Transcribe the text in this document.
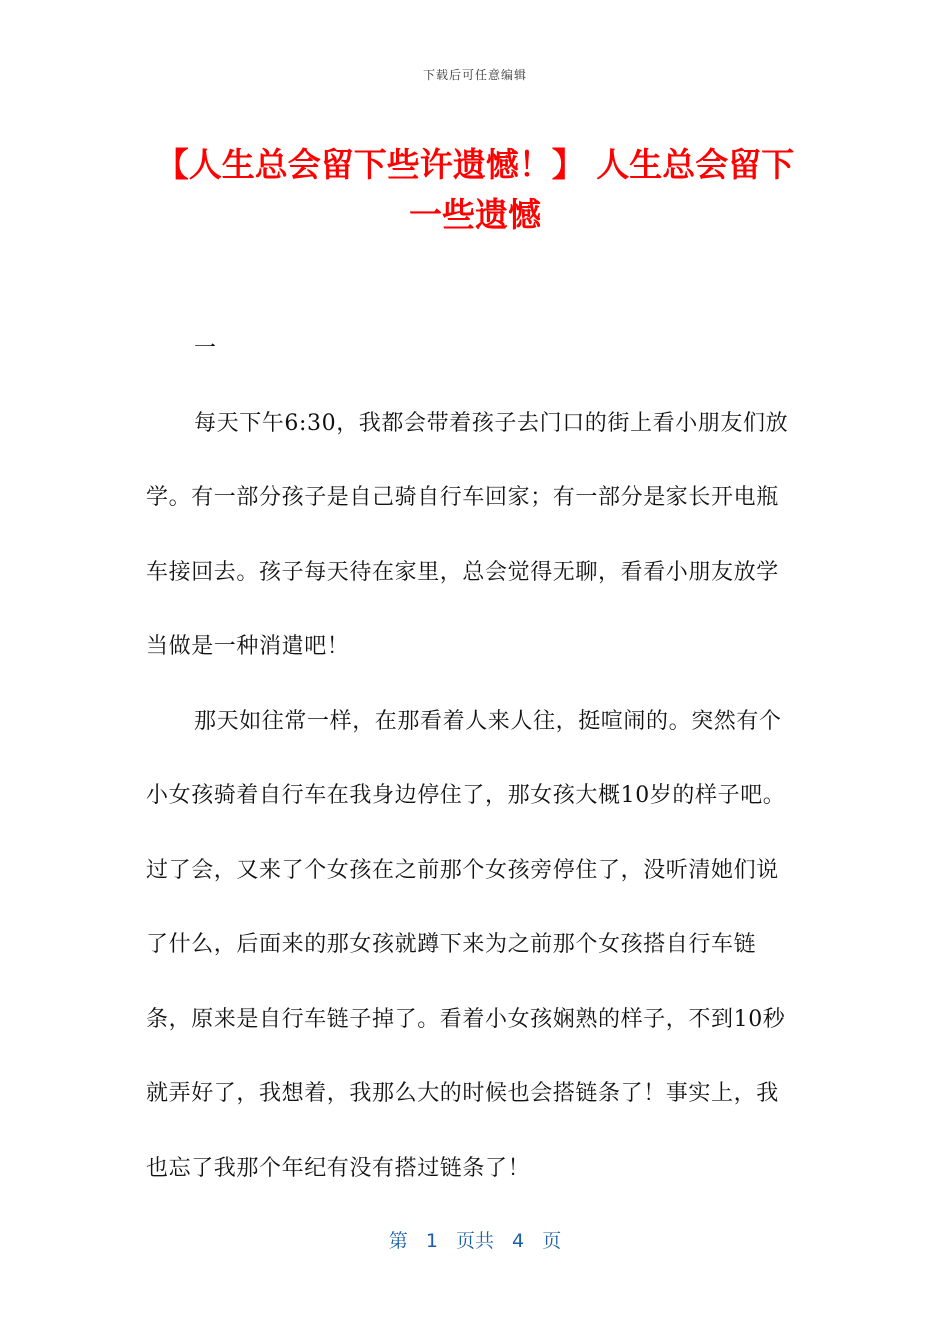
下载后可任意编辑
【人生总会留下些许遗憾！】 人生总会留下一些遗憾

一

每天下午6:30，我都会带着孩子去门口的街上看小朋友们放学。有一部分孩子是自己骑自行车回家；有一部分是家长开电瓶车接回去。孩子每天待在家里，总会觉得无聊，看看小朋友放学当做是一种消遣吧！

那天如往常一样，在那看着人来人往，挺喧闹的。突然有个小女孩骑着自行车在我身边停住了，那女孩大概10岁的样子吧。过了会，又来了个女孩在之前那个女孩旁停住了，没听清她们说了什么，后面来的那女孩就蹲下来为之前那个女孩搭自行车链条，原来是自行车链子掉了。看着小女孩娴熟的样子，不到10秒就弄好了，我想着，我那么大的时候也会搭链条了！事实上，我也忘了我那个年纪有没有搭过链条了！

第 1 页共 4 页
